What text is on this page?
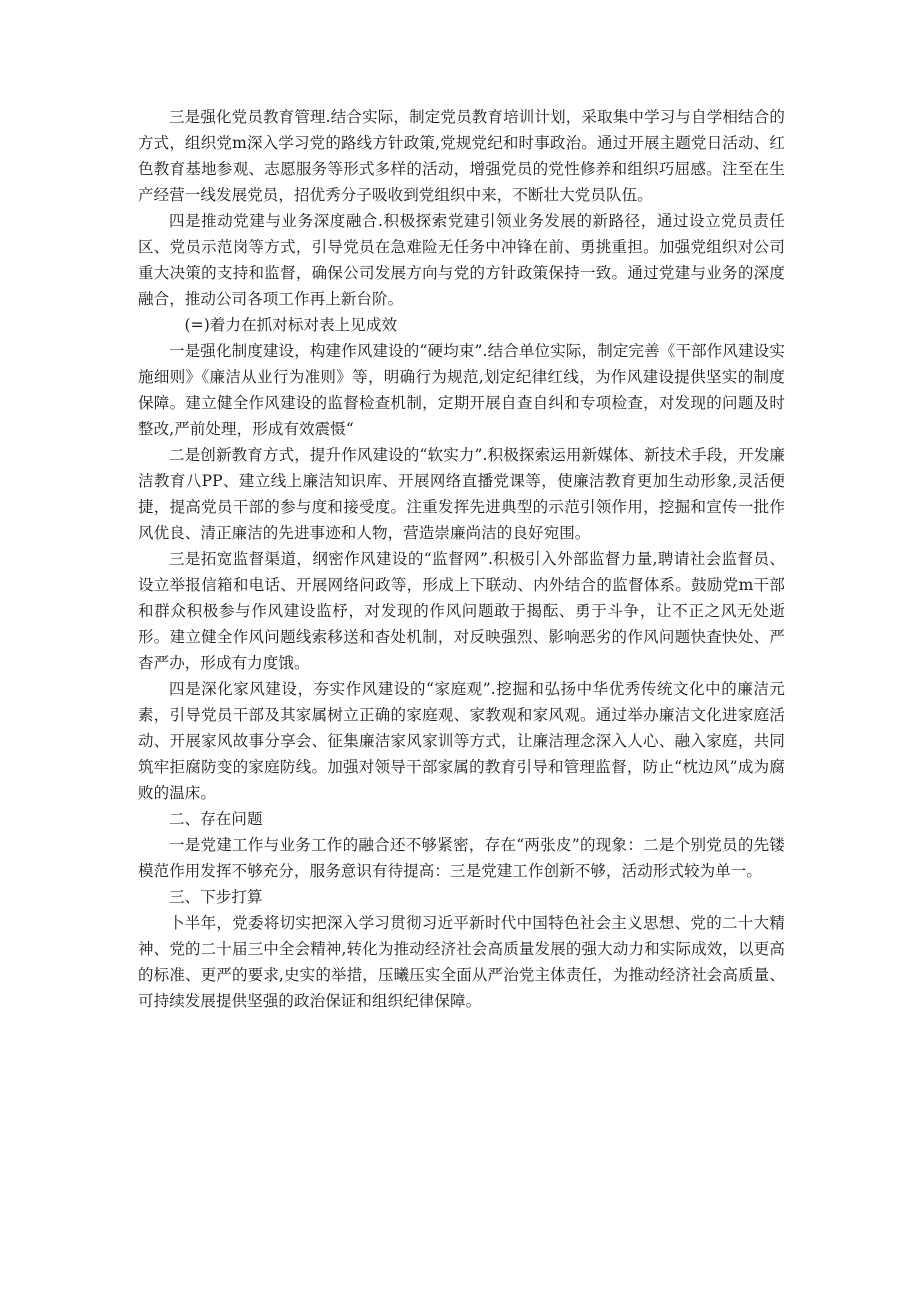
三是强化党员教育管理.结合实际，制定党员教育培训计划，采取集中学习与自学相结合的方式，组织党m深入学习党的路线方针政策,党规党纪和时事政治。通过开展主题党日活动、红色教育基地参观、志愿服务等形式多样的活动，增强党员的党性修养和组织巧屈感。注至在生产经营一线发展党员，招优秀分子吸收到党组织中来，不断壮大党员队伍。

四是推动党建与业务深度融合.积极探索党建引领业务发展的新路径，通过设立党员责任区、党员示范岗等方式，引导党员在急难险无任务中冲锋在前、勇挑重担。加强党组织对公司重大决策的支持和监督，确保公司发展方向与党的方针政策保持一致。通过党建与业务的深度融合，推动公司各项工作再上新台阶。

(=)着力在抓对标对表上见成效

一是强化制度建设，构建作风建设的“硬均束”.结合单位实际，制定完善《干部作风建设实施细则》《廉洁从业行为准则》等，明确行为规范,划定纪律红线，为作风建设提供坚实的制度保障。建立健全作风建设的监督检查机制，定期开展自查自纠和专项检查，对发现的问题及时整改,严前处理，形成有效震慑“

二是创新教育方式，提升作风建设的“软实力”.积极探索运用新媒体、新技术手段，开发廉洁教育八PP、建立线上廉洁知识库、开展网络直播党课等，使廉洁教育更加生动形象,灵活便捷，提高党员干部的参与度和接受度。注重发挥先进典型的示范引领作用，挖掘和宣传一批作风优良、清正廉洁的先进事迹和人物，营造崇廉尚洁的良好宛围。

三是拓宽监督渠道，纲密作风建设的“监督网”.积极引入外部监督力量,聘请社会监督员、设立举报信箱和电话、开展网络问政等，形成上下联动、内外结合的监督体系。鼓励党m干部和群众积极参与作风建设监杼，对发现的作风问题敢于揭酝、勇于斗争，让不正之风无处逝形。建立健全作风问题线索移送和杳处机制，对反映强烈、影响恶劣的作风问题快査快处、严杳严办，形成有力度饿。

四是深化家风建设，夯实作风建设的“家庭观”.挖掘和弘扬中华优秀传统文化中的廉洁元素，引导党员干部及其家属树立正确的家庭观、家教观和家风观。通过举办廉洁文化进家庭活动、开展家风故事分享会、征集廉洁家风家训等方式，让廉洁理念深入人心、融入家庭，共同筑牢拒腐防变的家庭防线。加强对领导干部家属的教育引导和管理监督，防止“枕边风”成为腐败的温床。

二、存在问题

一是党建工作与业务工作的融合还不够紧密，存在“两张皮”的现象：二是个别党员的先镂模范作用发挥不够充分，服务意识有待提高：三是党建工作创新不够，活动形式较为单一。

三、下步打算

卜半年，党委将切实把深入学习贯彻习近平新时代中国特色社会主义思想、党的二十大精神、党的二十届三中全会精神,转化为推动经济社会高质量发展的强大动力和实际成效，以更高的标准、更严的要求,史实的举措，压曦压实全面从严治党主体责任，为推动经济社会高质量、可持续发展提供坚强的政治保证和组织纪律保障。
